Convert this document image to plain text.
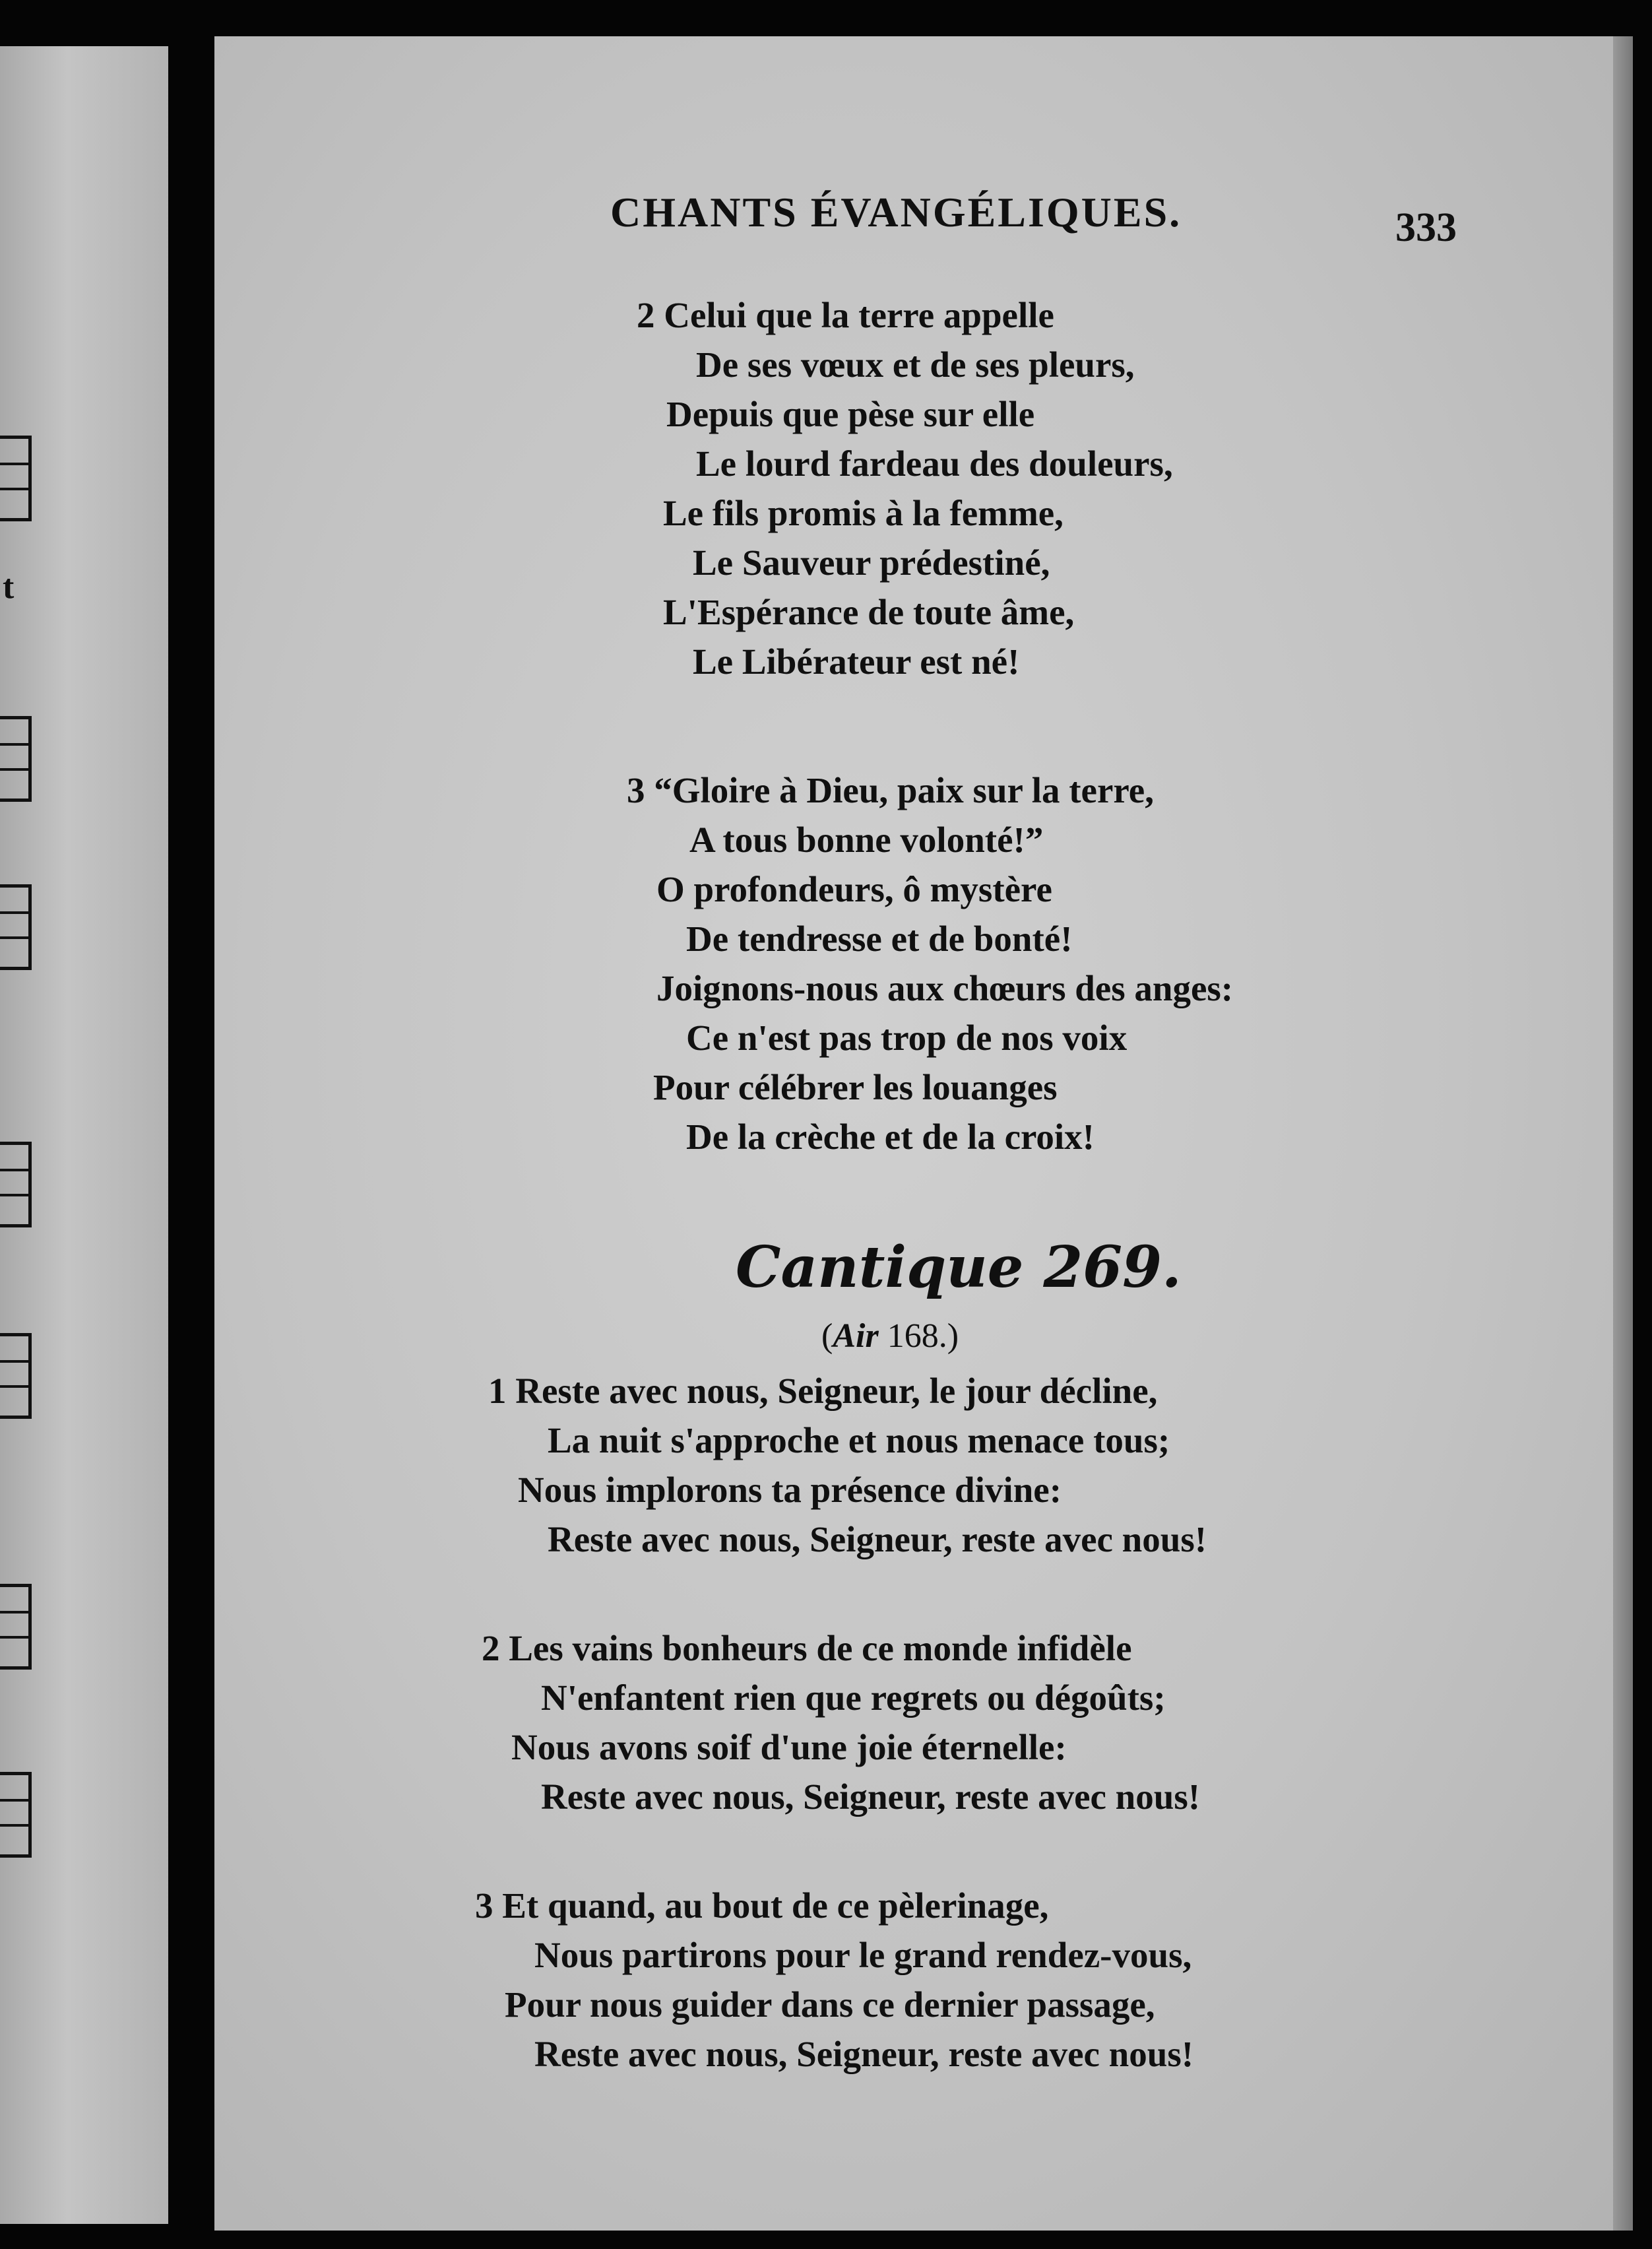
t
CHANTS ÉVANGÉLIQUES.	333
2 Celui que la terre appelle
De ses vœux et de ses pleurs,
Depuis que pèse sur elle
Le lourd fardeau des douleurs,
Le fils promis à la femme,
Le Sauveur prédestiné,
L'Espérance de toute âme,
Le Libérateur est né!
3 “Gloire à Dieu, paix sur la terre,
A tous bonne volonté!”
O profondeurs, ô mystère
De tendresse et de bonté!
Joignons-nous aux chœurs des anges:
Ce n'est pas trop de nos voix
Pour célébrer les louanges
De la crèche et de la croix!
Cantique 269.
(Air 168.)
1 Reste avec nous, Seigneur, le jour décline,
La nuit s'approche et nous menace tous;
Nous implorons ta présence divine:
Reste avec nous, Seigneur, reste avec nous!
2 Les vains bonheurs de ce monde infidèle
N'enfantent rien que regrets ou dégoûts;
Nous avons soif d'une joie éternelle:
Reste avec nous, Seigneur, reste avec nous!
3 Et quand, au bout de ce pèlerinage,
Nous partirons pour le grand rendez-vous,
Pour nous guider dans ce dernier passage,
Reste avec nous, Seigneur, reste avec nous!
